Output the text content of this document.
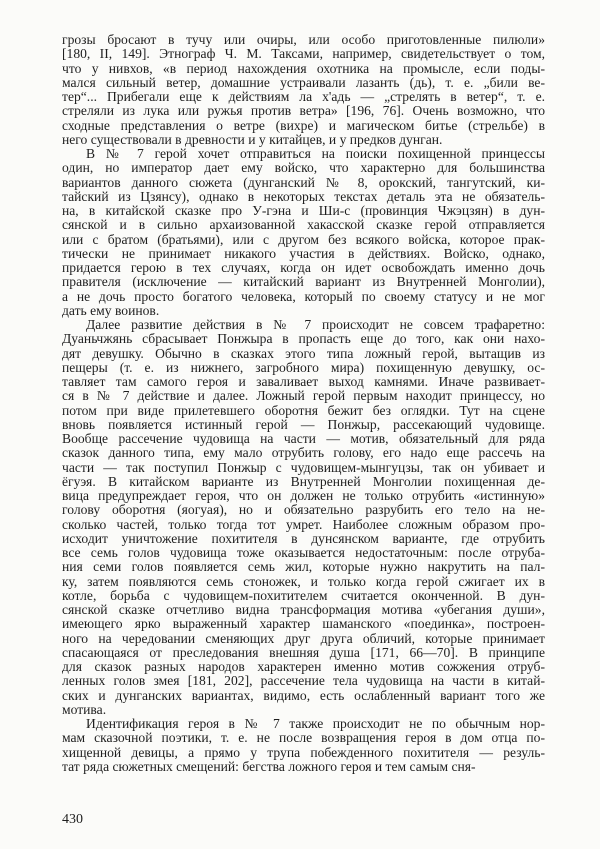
грозы бросают в тучу или очиры, или особо приготовленные пилюли»
[180, II, 149]. Этнограф Ч. М. Таксами, например, свидетельствует о том,
что у нивхов, «в период нахождения охотника на промысле, если поды-
мался сильный ветер, домашние устраивали лазанть (дь), т. е. „били ве-
тер“... Прибегали еще к действиям ла х'адь — „стрелять в ветер“, т. е.
стреляли из лука или ружья против ветра» [196, 76]. Очень возможно, что
сходные представления о ветре (вихре) и магическом битье (стрельбе) в
него существовали в древности и у китайцев, и у предков дунган.
В № 7 герой хочет отправиться на поиски похищенной принцессы
один, но император дает ему войско, что характерно для большинства
вариантов данного сюжета (дунганский № 8, орокский, тангутский, ки-
тайский из Цзянсу), однако в некоторых текстах деталь эта не обязатель-
на, в китайской сказке про У-гэна и Ши-с (провинция Чжэцзян) в дун-
сянской и в сильно архаизованной хакасской сказке герой отправляется
или с братом (братьями), или с другом без всякого войска, которое прак-
тически не принимает никакого участия в действиях. Войско, однако,
придается герою в тех случаях, когда он идет освобождать именно дочь
правителя (исключение — китайский вариант из Внутренней Монголии),
а не дочь просто богатого человека, который по своему статусу и не мог
дать ему воинов.
Далее развитие действия в № 7 происходит не совсем трафаретно:
Дуаньчжянь сбрасывает Понжыра в пропасть еще до того, как они нахо-
дят девушку. Обычно в сказках этого типа ложный герой, вытащив из
пещеры (т. е. из нижнего, загробного мира) похищенную девушку, ос-
тавляет там самого героя и заваливает выход камнями. Иначе развивает-
ся в № 7 действие и далее. Ложный герой первым находит принцессу, но
потом при виде прилетевшего оборотня бежит без оглядки. Тут на сцене
вновь появляется истинный герой — Понжыр, рассекающий чудовище.
Вообще рассечение чудовища на части — мотив, обязательный для ряда
сказок данного типа, ему мало отрубить голову, его надо еще рассечь на
части — так поступил Понжыр с чудовищем-мынгуцзы, так он убивает и
ёгуэя. В китайском варианте из Внутренней Монголии похищенная де-
вица предупреждает героя, что он должен не только отрубить «истинную»
голову оборотня (яогуая), но и обязательно разрубить его тело на не-
сколько частей, только тогда тот умрет. Наиболее сложным образом про-
исходит уничтожение похитителя в дунсянском варианте, где отрубить
все семь голов чудовища тоже оказывается недостаточным: после отруба-
ния семи голов появляется семь жил, которые нужно накрутить на пал-
ку, затем появляются семь стоножек, и только когда герой сжигает их в
котле, борьба с чудовищем-похитителем считается оконченной. В дун-
сянской сказке отчетливо видна трансформация мотива «убегания души»,
имеющего ярко выраженный характер шаманского «поединка», построен-
ного на чередовании сменяющих друг друга обличий, которые принимает
спасающаяся от преследования внешняя душа [171, 66—70]. В принципе
для сказок разных народов характерен именно мотив сожжения отруб-
ленных голов змея [181, 202], рассечение тела чудовища на части в китай-
ских и дунганских вариантах, видимо, есть ослабленный вариант того же
мотива.
Идентификация героя в № 7 также происходит не по обычным нор-
мам сказочной поэтики, т. е. не после возвращения героя в дом отца по-
хищенной девицы, а прямо у трупа побежденного похитителя — резуль-
тат ряда сюжетных смещений: бегства ложного героя и тем самым сня-
430
